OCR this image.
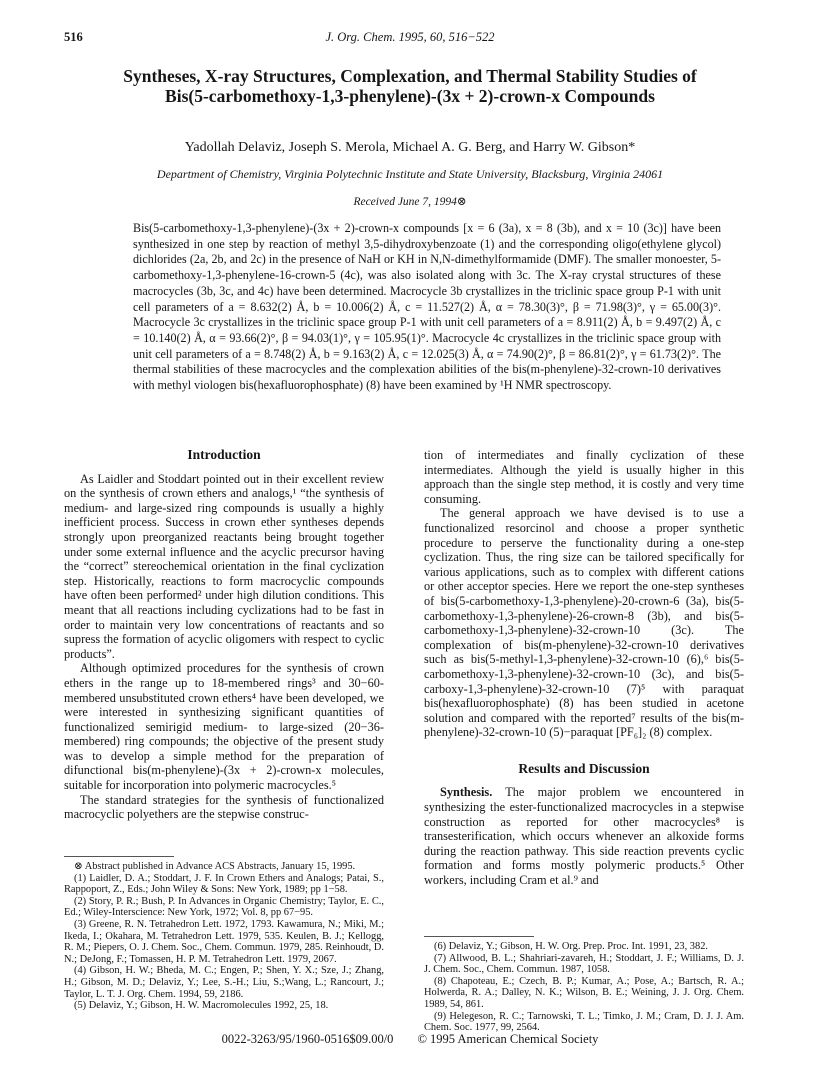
516	J. Org. Chem. 1995, 60, 516−522
Syntheses, X-ray Structures, Complexation, and Thermal Stability Studies of Bis(5-carbomethoxy-1,3-phenylene)-(3x + 2)-crown-x Compounds
Yadollah Delaviz, Joseph S. Merola, Michael A. G. Berg, and Harry W. Gibson*
Department of Chemistry, Virginia Polytechnic Institute and State University, Blacksburg, Virginia 24061
Received June 7, 1994⊗
Bis(5-carbomethoxy-1,3-phenylene)-(3x + 2)-crown-x compounds [x = 6 (3a), x = 8 (3b), and x = 10 (3c)] have been synthesized in one step by reaction of methyl 3,5-dihydroxybenzoate (1) and the corresponding oligo(ethylene glycol) dichlorides (2a, 2b, and 2c) in the presence of NaH or KH in N,N-dimethylformamide (DMF). The smaller monoester, 5-carbomethoxy-1,3-phenylene-16-crown-5 (4c), was also isolated along with 3c. The X-ray crystal structures of these macrocycles (3b, 3c, and 4c) have been determined. Macrocycle 3b crystallizes in the triclinic space group P-1 with unit cell parameters of a = 8.632(2) Å, b = 10.006(2) Å, c = 11.527(2) Å, α = 78.30(3)°, β = 71.98(3)°, γ = 65.00(3)°. Macrocycle 3c crystallizes in the triclinic space group P-1 with unit cell parameters of a = 8.911(2) Å, b = 9.497(2) Å, c = 10.140(2) Å, α = 93.66(2)°, β = 94.03(1)°, γ = 105.95(1)°. Macrocycle 4c crystallizes in the triclinic space group with unit cell parameters of a = 8.748(2) Å, b = 9.163(2) Å, c = 12.025(3) Å, α = 74.90(2)°, β = 86.81(2)°, γ = 61.73(2)°. The thermal stabilities of these macrocycles and the complexation abilities of the bis(m-phenylene)-32-crown-10 derivatives with methyl viologen bis(hexafluorophosphate) (8) have been examined by ¹H NMR spectroscopy.
Introduction

As Laidler and Stoddart pointed out in their excellent review on the synthesis of crown ethers and analogs,¹ “the synthesis of medium- and large-sized ring compounds is usually a highly inefficient process. Success in crown ether syntheses depends strongly upon preorganized reactants being brought together under some external influence and the acyclic precursor having the “correct” stereochemical orientation in the final cyclization step. Historically, reactions to form macrocyclic compounds have often been performed² under high dilution conditions. This meant that all reactions including cyclizations had to be fast in order to maintain very low concentrations of reactants and so supress the formation of acyclic oligomers with respect to cyclic products”.

Although optimized procedures for the synthesis of crown ethers in the range up to 18-membered rings³ and 30−60-membered unsubstituted crown ethers⁴ have been developed, we were interested in synthesizing significant quantities of functionalized semirigid medium- to large-sized (20−36-membered) ring compounds; the objective of the present study was to develop a simple method for the preparation of difunctional bis(m-phenylene)-(3x + 2)-crown-x molecules, suitable for incorporation into polymeric macrocycles.⁵

The standard strategies for the synthesis of functionalized macrocyclic polyethers are the stepwise construc-

tion of intermediates and finally cyclization of these intermediates. Although the yield is usually higher in this approach than the single step method, it is costly and very time consuming.

The general approach we have devised is to use a functionalized resorcinol and choose a proper synthetic procedure to perserve the functionality during a one-step cyclization. Thus, the ring size can be tailored specifically for various applications, such as to complex with different cations or other acceptor species. Here we report the one-step syntheses of bis(5-carbomethoxy-1,3-phenylene)-20-crown-6 (3a), bis(5-carbomethoxy-1,3-phenylene)-26-crown-8 (3b), and bis(5-carbomethoxy-1,3-phenylene)-32-crown-10 (3c). The complexation of bis(m-phenylene)-32-crown-10 derivatives such as bis(5-methyl-1,3-phenylene)-32-crown-10 (6),⁶ bis(5-carbomethoxy-1,3-phenylene)-32-crown-10 (3c), and bis(5-carboxy-1,3-phenylene)-32-crown-10 (7)⁵ with paraquat bis(hexafluorophosphate) (8) has been studied in acetone solution and compared with the reported⁷ results of the bis(m-phenylene)-32-crown-10 (5)−paraquat [PF₆]₂ (8) complex.

Results and Discussion

Synthesis. The major problem we encountered in synthesizing the ester-functionalized macrocycles in a stepwise construction as reported for other macrocycles⁸ is transesterification, which occurs whenever an alkoxide forms during the reaction pathway. This side reaction prevents cyclic formation and forms mostly polymeric products.⁵ Other workers, including Cram et al.⁹ and

⊗ Abstract published in Advance ACS Abstracts, January 15, 1995.

(1) Laidler, D. A.; Stoddart, J. F. In Crown Ethers and Analogs; Patai, S., Rappoport, Z., Eds.; John Wiley & Sons: New York, 1989; pp 1−58.

(2) Story, P. R.; Bush, P. In Advances in Organic Chemistry; Taylor, E. C., Ed.; Wiley-Interscience: New York, 1972; Vol. 8, pp 67−95.

(3) Greene, R. N. Tetrahedron Lett. 1972, 1793. Kawamura, N.; Miki, M.; Ikeda, I.; Okahara, M. Tetrahedron Lett. 1979, 535. Keulen, B. J.; Kellogg, R. M.; Piepers, O. J. Chem. Soc., Chem. Commun. 1979, 285. Reinhoudt, D. N.; DeJong, F.; Tomassen, H. P. M. Tetrahedron Lett. 1979, 2067.

(4) Gibson, H. W.; Bheda, M. C.; Engen, P.; Shen, Y. X.; Sze, J.; Zhang, H.; Gibson, M. D.; Delaviz, Y.; Lee, S.-H.; Liu, S.;Wang, L.; Rancourt, J.; Taylor, L. T. J. Org. Chem. 1994, 59, 2186.

(5) Delaviz, Y.; Gibson, H. W. Macromolecules 1992, 25, 18.

(6) Delaviz, Y.; Gibson, H. W. Org. Prep. Proc. Int. 1991, 23, 382.

(7) Allwood, B. L.; Shahriari-zavareh, H.; Stoddart, J. F.; Williams, D. J. J. Chem. Soc., Chem. Commun. 1987, 1058.

(8) Chapoteau, E.; Czech, B. P.; Kumar, A.; Pose, A.; Bartsch, R. A.; Holwerda, R. A.; Dalley, N. K.; Wilson, B. E.; Weining, J. J. Org. Chem. 1989, 54, 861.

(9) Helegeson, R. C.; Tarnowski, T. L.; Timko, J. M.; Cram, D. J. J. Am. Chem. Soc. 1977, 99, 2564.

0022-3263/95/1960-0516$09.00/0 © 1995 American Chemical Society
